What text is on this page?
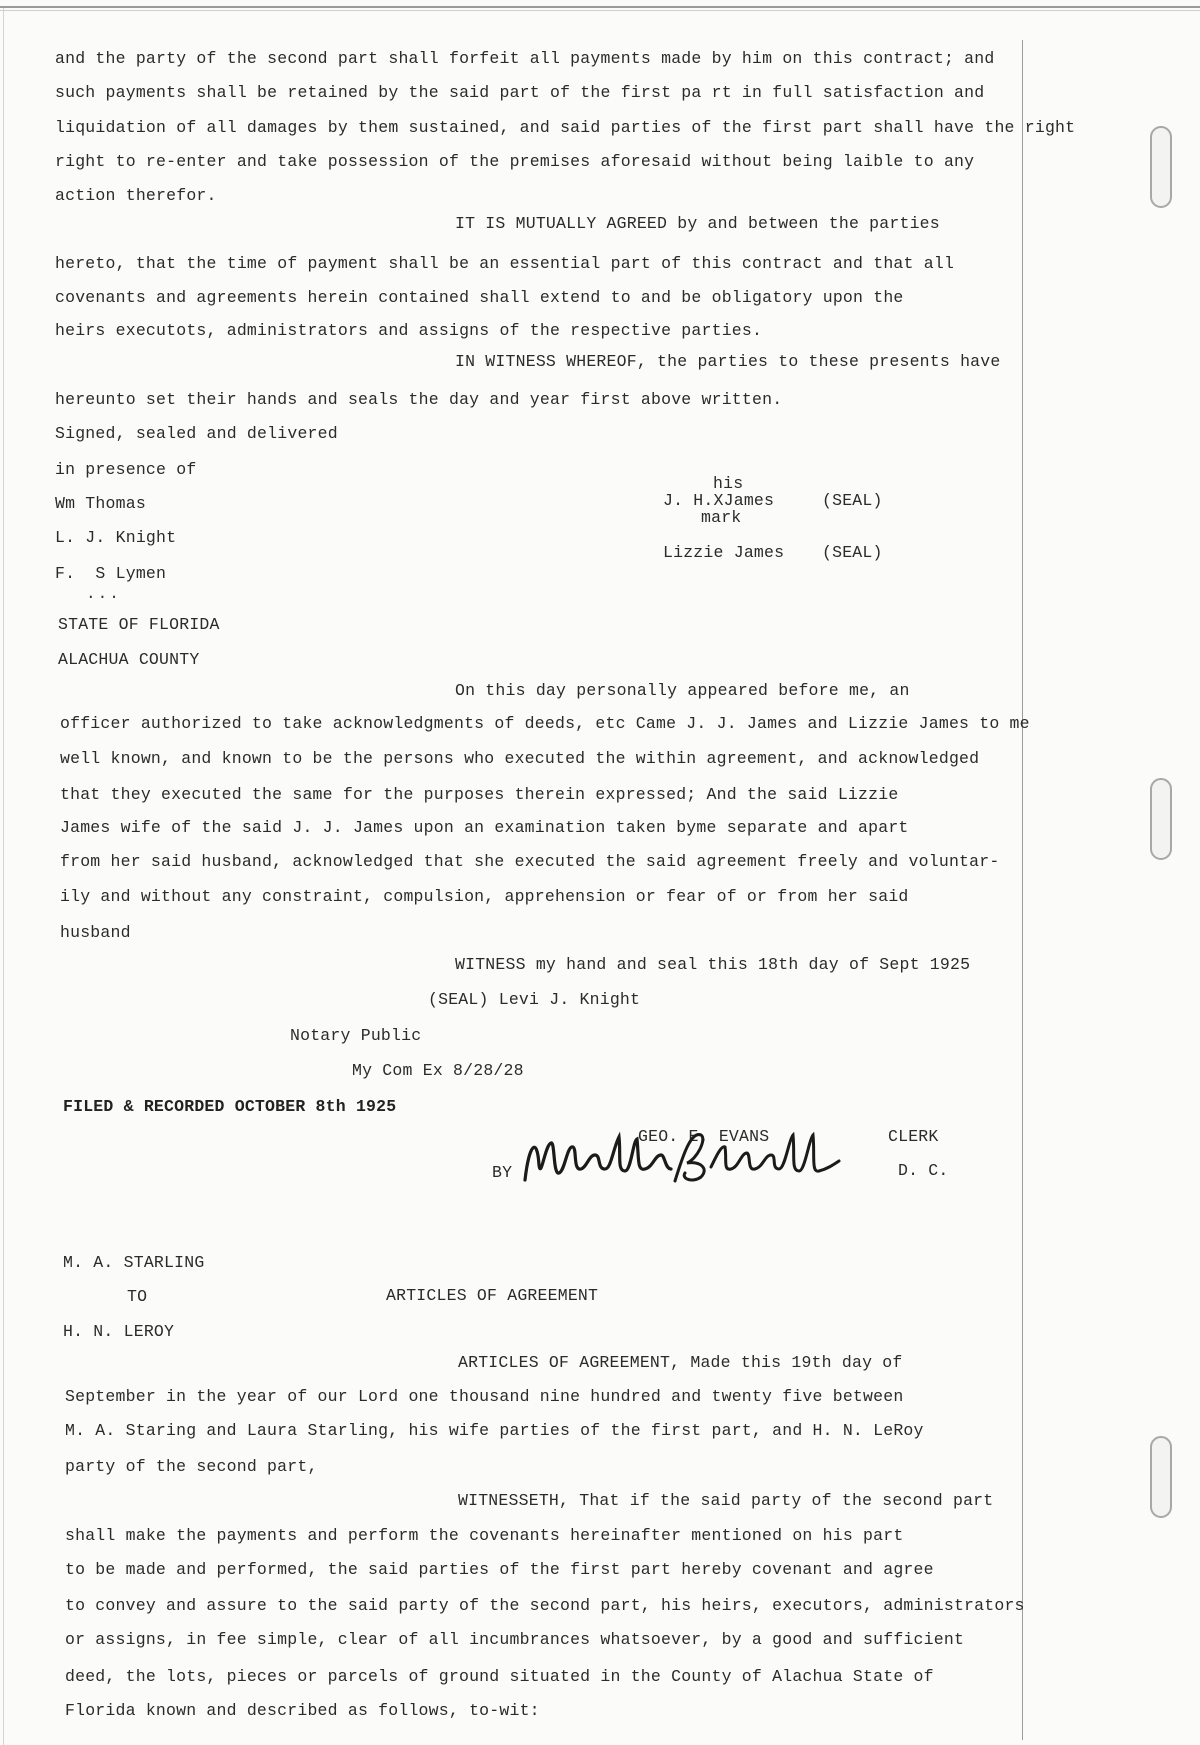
and the party of the second part shall forfeit all payments made by him on this contract; and
such payments shall be retained by the said part of the first pa rt in full satisfaction and
liquidation of all damages by them sustained, and said parties of the first part shall have the right
right to re-enter and take possession of the premises aforesaid without being laible to any
action therefor.
IT IS MUTUALLY AGREED by and between the parties
hereto, that the time of payment shall be an essential part of this contract and that all
covenants and agreements herein contained shall extend to and be obligatory upon the
heirs executots, administrators and assigns of the respective parties.
IN WITNESS WHEREOF, the parties to these presents have
hereunto set their hands and seals the day and year first above written.
Signed, sealed and delivered
in presence of
Wm Thomas
L. J. Knight
F.  S Lymen
...
his
J. H.XJames	(SEAL)
mark
Lizzie James (SEAL)
STATE OF FLORIDA
ALACHUA COUNTY
On this day personally appeared before me, an
officer authorized to take acknowledgments of deeds, etc Came J. J. James and Lizzie James to me
well known, and known to be the persons who executed the within agreement, and acknowledged
that they executed the same for the purposes therein expressed; And the said Lizzie
James wife of the said J. J. James upon an examination taken byme separate and apart
from her said husband, acknowledged that she executed the said agreement freely and voluntar-
ily and without any constraint, compulsion, apprehension or fear of or from her said
husband
WITNESS my hand and seal this 18th day of Sept 1925
(SEAL) Levi J. Knight
Notary Public
My Com Ex 8/28/28
FILED & RECORDED OCTOBER 8th 1925
GEO. E. EVANS	CLERK
BY	D. C.
M. A. STARLING
TO	ARTICLES OF AGREEMENT
H. N. LEROY
ARTICLES OF AGREEMENT, Made this 19th day of
September in the year of our Lord one thousand nine hundred and twenty five between
M. A. Staring and Laura Starling, his wife parties of the first part, and H. N. LeRoy
party of the second part,
WITNESSETH, That if the said party of the second part
shall make the payments and perform the covenants hereinafter mentioned on his part
to be made and performed, the said parties of the first part hereby covenant and agree
to convey and assure to the said party of the second part, his heirs, executors, administrators
or assigns, in fee simple, clear of all incumbrances whatsoever, by a good and sufficient
deed, the lots, pieces or parcels of ground situated in the County of Alachua State of
Florida known and described as follows, to-wit:
